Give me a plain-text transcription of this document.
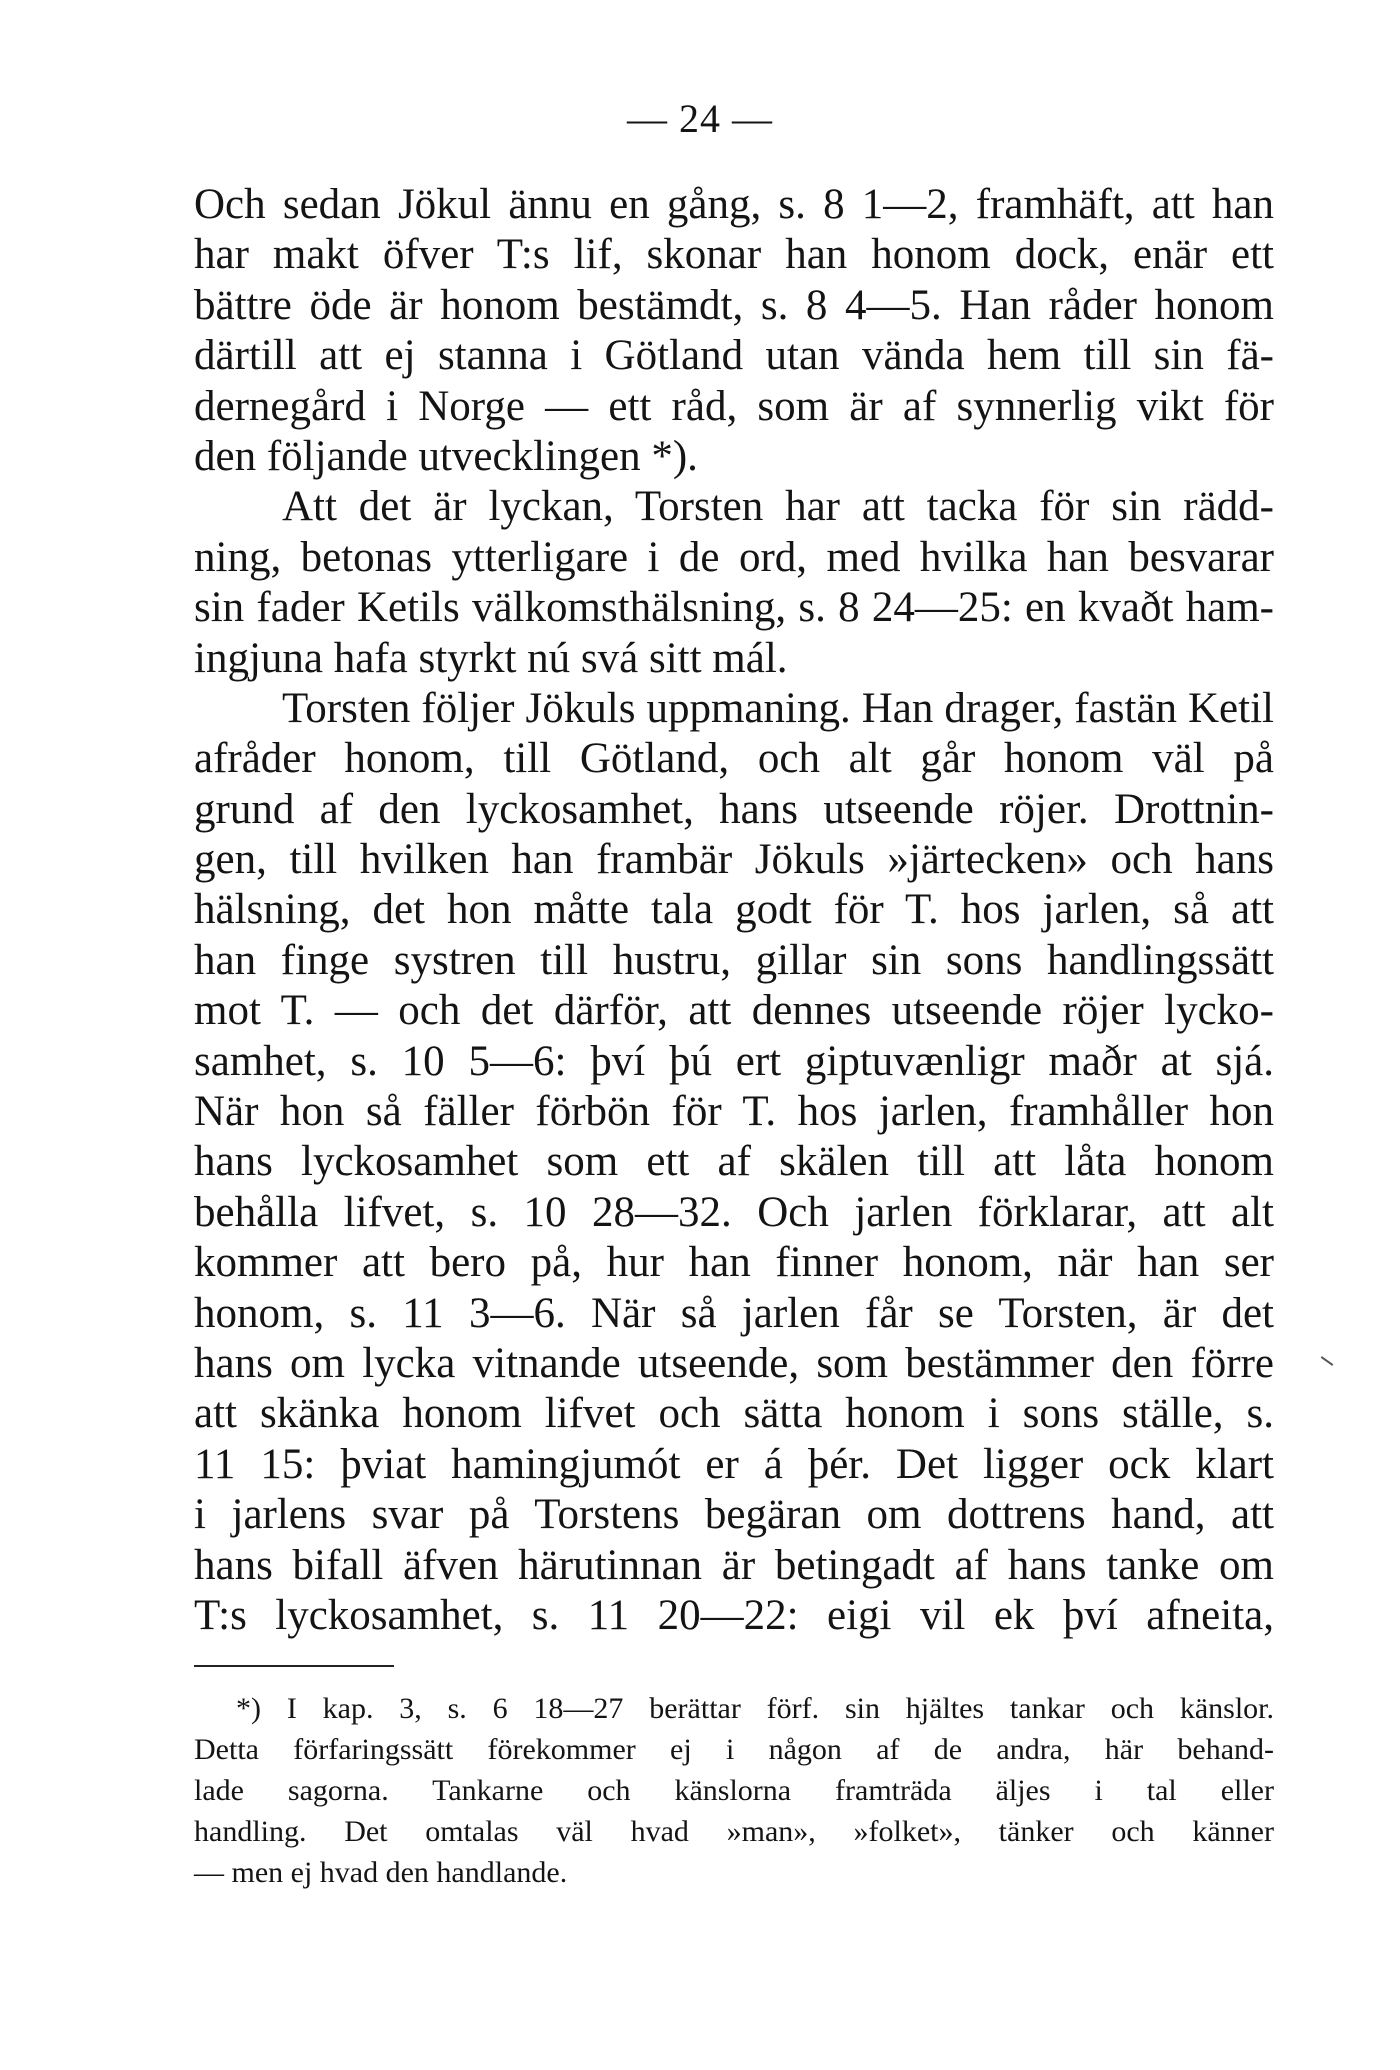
— 24 —
Och sedan Jökul ännu en gång, s. 8 1—2, framhäft, att han
har makt öfver T:s lif, skonar han honom dock, enär ett
bättre öde är honom bestämdt, s. 8 4—5. Han råder honom
därtill att ej stanna i Götland utan vända hem till sin fä-
dernegård i Norge — ett råd, som är af synnerlig vikt för
den följande utvecklingen *).
Att det är lyckan, Torsten har att tacka för sin rädd-
ning, betonas ytterligare i de ord, med hvilka han besvarar
sin fader Ketils välkomsthälsning, s. 8 24—25: en kvaðt ham-
ingjuna hafa styrkt nú svá sitt mál.
Torsten följer Jökuls uppmaning. Han drager, fastän Ketil
afråder honom, till Götland, och alt går honom väl på
grund af den lyckosamhet, hans utseende röjer. Drottnin-
gen, till hvilken han frambär Jökuls »järtecken» och hans
hälsning, det hon måtte tala godt för T. hos jarlen, så att
han finge systren till hustru, gillar sin sons handlingssätt
mot T. — och det därför, att dennes utseende röjer lycko-
samhet, s. 10 5—6: því þú ert giptuvænligr maðr at sjá.
När hon så fäller förbön för T. hos jarlen, framhåller hon
hans lyckosamhet som ett af skälen till att låta honom
behålla lifvet, s. 10 28—32. Och jarlen förklarar, att alt
kommer att bero på, hur han finner honom, när han ser
honom, s. 11 3—6. När så jarlen får se Torsten, är det
hans om lycka vitnande utseende, som bestämmer den förre
att skänka honom lifvet och sätta honom i sons ställe, s.
11 15: þviat hamingjumót er á þér. Det ligger ock klart
i jarlens svar på Torstens begäran om dottrens hand, att
hans bifall äfven härutinnan är betingadt af hans tanke om
T:s lyckosamhet, s. 11 20—22: eigi vil ek því afneita,
*) I kap. 3, s. 6 18—27 berättar förf. sin hjältes tankar och känslor.
Detta förfaringssätt förekommer ej i någon af de andra, här behand-
lade sagorna. Tankarne och känslorna framträda äljes i tal eller
handling. Det omtalas väl hvad »man», »folket», tänker och känner
— men ej hvad den handlande.
